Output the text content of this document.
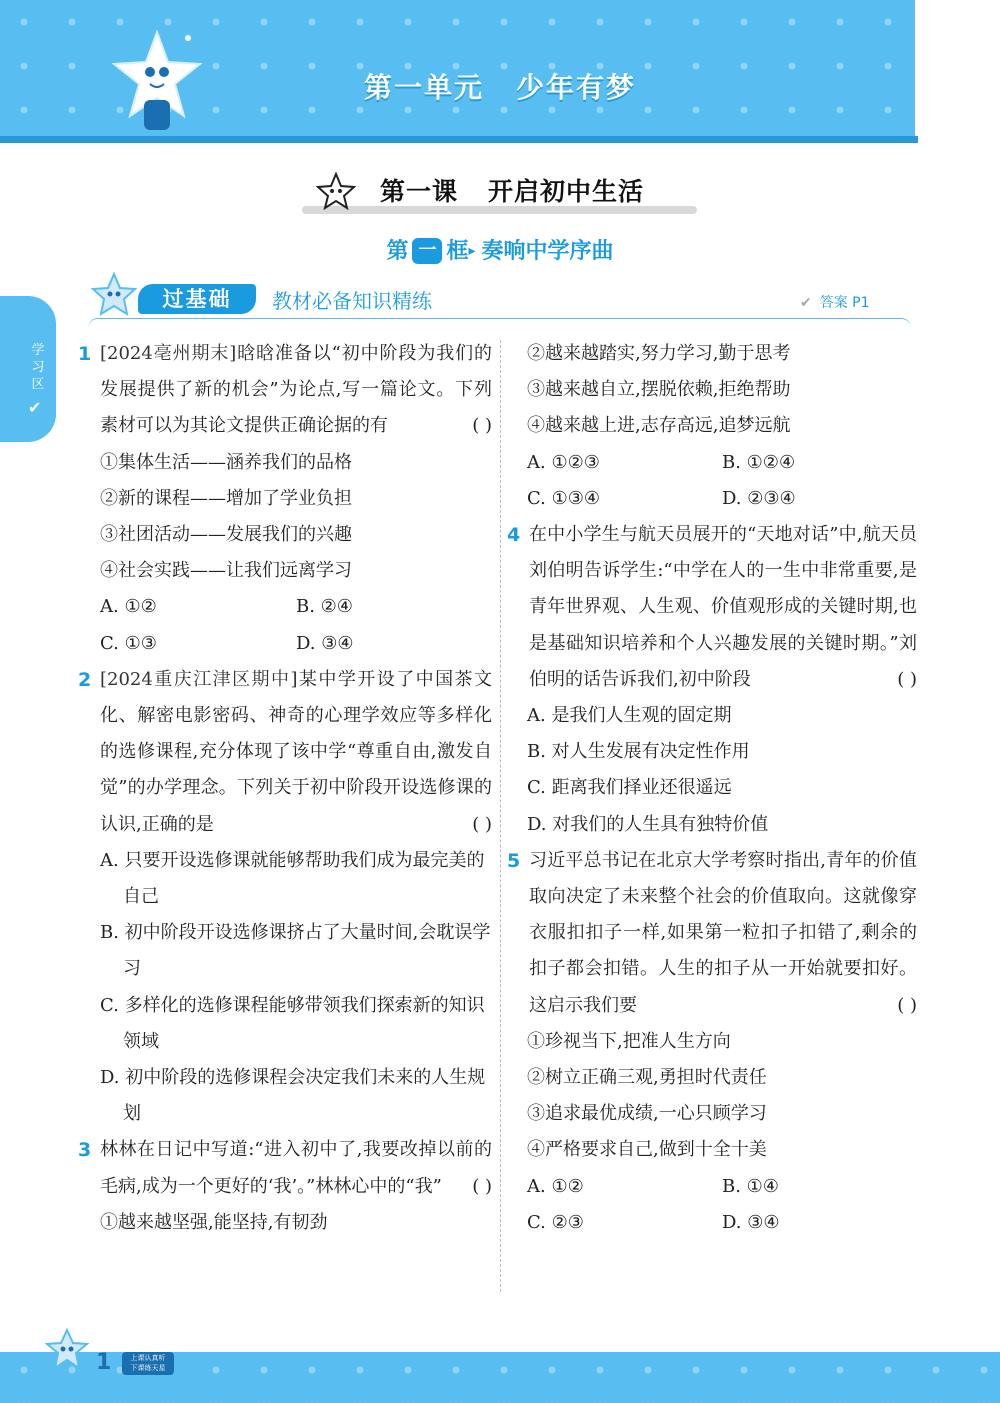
第一单元 少年有梦
第一课 开启初中生活
第 一 框▸ 奏响中学序曲
学习区
✔
过基础	教材必备知识精练	✔ 答案 P1
1 [2024亳州期末]晗晗准备以“初中阶段为我们的发展提供了新的机会”为论点,写一篇论文。下列素材可以为其论文提供正确论据的有	( )
①集体生活——涵养我们的品格
②新的课程——增加了学业负担
③社团活动——发展我们的兴趣
④社会实践——让我们远离学习
A. ①②	B. ②④
C. ①③	D. ③④
2 [2024重庆江津区期中]某中学开设了中国茶文化、解密电影密码、神奇的心理学效应等多样化的选修课程,充分体现了该中学“尊重自由,激发自觉”的办学理念。下列关于初中阶段开设选修课的认识,正确的是	( )
A. 只要开设选修课就能够帮助我们成为最完美的自己
B. 初中阶段开设选修课挤占了大量时间,会耽误学习
C. 多样化的选修课程能够带领我们探索新的知识领域
D. 初中阶段的选修课程会决定我们未来的人生规划
3 林林在日记中写道:“进入初中了,我要改掉以前的毛病,成为一个更好的‘我’。”林林心中的“我” ( )
①越来越坚强,能坚持,有韧劲
②越来越踏实,努力学习,勤于思考
③越来越自立,摆脱依赖,拒绝帮助
④越来越上进,志存高远,追梦远航
A. ①②③	B. ①②④
C. ①③④	D. ②③④
4 在中小学生与航天员展开的“天地对话”中,航天员刘伯明告诉学生:“中学在人的一生中非常重要,是青年世界观、人生观、价值观形成的关键时期,也是基础知识培养和个人兴趣发展的关键时期。”刘伯明的话告诉我们,初中阶段	( )
A. 是我们人生观的固定期
B. 对人生发展有决定性作用
C. 距离我们择业还很遥远
D. 对我们的人生具有独特价值
5 习近平总书记在北京大学考察时指出,青年的价值取向决定了未来整个社会的价值取向。这就像穿衣服扣扣子一样,如果第一粒扣子扣错了,剩余的扣子都会扣错。人生的扣子从一开始就要扣好。这启示我们要	( )
①珍视当下,把准人生方向
②树立正确三观,勇担时代责任
③追求最优成绩,一心只顾学习
④严格要求自己,做到十全十美
A. ①②	B. ①④
C. ②③	D. ③④
1	上课认真听
下课练天星
